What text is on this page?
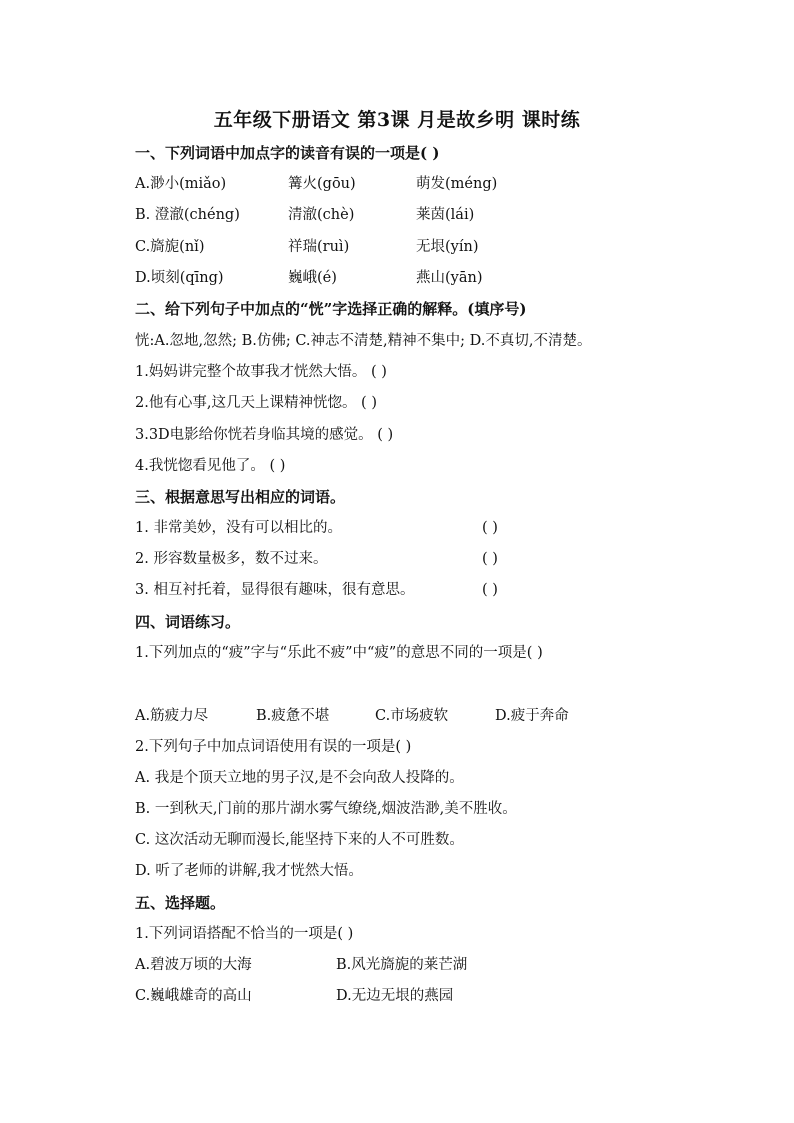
五年级下册语文 第3课 月是故乡明 课时练
一、下列词语中加点字的读音有误的一项是( )
A.渺小(miǎo)	篝火(gōu)	萌发(méng)
B. 澄澈(chéng)	清澈(chè)	莱茵(lái)
C.旖旎(nǐ)	祥瑞(ruì)	无垠(yín)
D.顷刻(qīng)	巍峨(é)	燕山(yān)
二、给下列句子中加点的“恍”字选择正确的解释。(填序号)
恍:A.忽地,忽然; B.仿佛; C.神志不清楚,精神不集中; D.不真切,不清楚。
1.妈妈讲完整个故事我才恍然大悟。 ( )
2.他有心事,这几天上课精神恍惚。 ( )
3.3D电影给你恍若身临其境的感觉。 ( )
4.我恍惚看见他了。 ( )
三、根据意思写出相应的词语。
1. 非常美妙，没有可以相比的。	( )
2. 形容数量极多，数不过来。	( )
3. 相互衬托着，显得很有趣味，很有意思。	( )
四、词语练习。
1.下列加点的“疲”字与“乐此不疲”中“疲”的意思不同的一项是( )
A.筋疲力尽	B.疲惫不堪	C.市场疲软	D.疲于奔命
2.下列句子中加点词语使用有误的一项是( )
A. 我是个顶天立地的男子汉,是不会向敌人投降的。
B. 一到秋天,门前的那片湖水雾气缭绕,烟波浩渺,美不胜收。
C. 这次活动无聊而漫长,能坚持下来的人不可胜数。
D. 听了老师的讲解,我才恍然大悟。
五、选择题。
1.下列词语搭配不恰当的一项是( )
A.碧波万顷的大海	B.风光旖旎的莱芒湖
C.巍峨雄奇的高山	D.无边无垠的燕园
